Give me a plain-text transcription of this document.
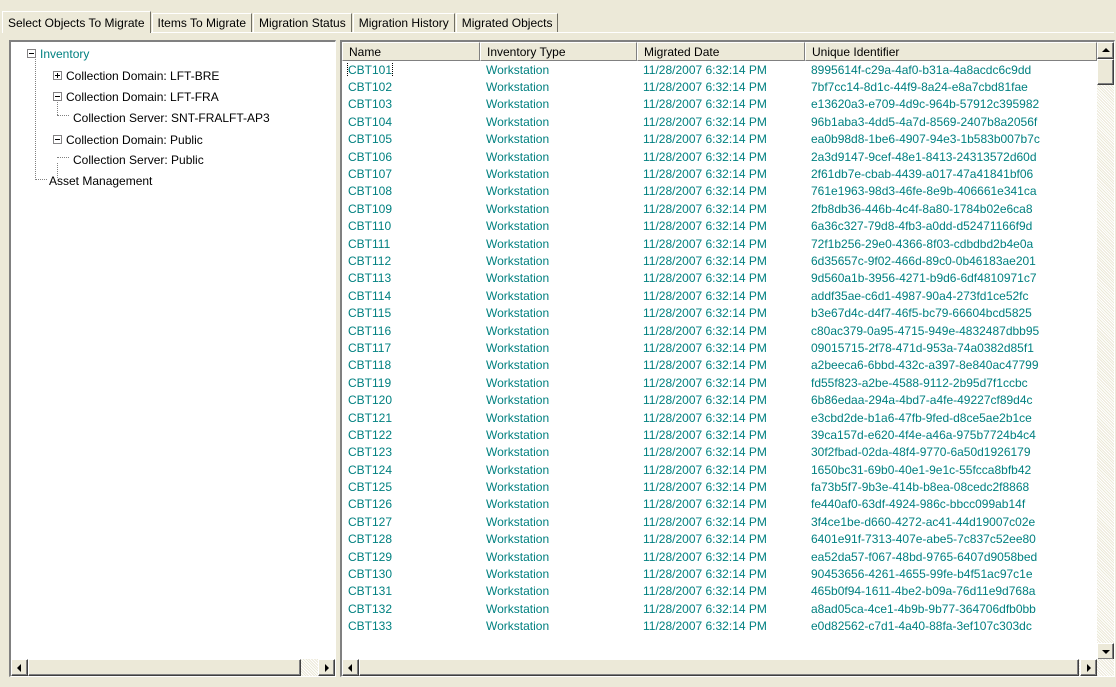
Select Objects To Migrate Items To Migrate Migration Status Migration History Migrated Objects
Inventory
Collection Domain: LFT-BRE
Collection Domain: LFT-FRA
Collection Server: SNT-FRALFT-AP3
Collection Domain: Public
Collection Server: Public
Asset Management
Name	Inventory Type	Migrated Date	Unique Identifier
CBT101	Workstation	11/28/2007 6:32:14 PM	8995614f-c29a-4af0-b31a-4a8acdc6c9dd
CBT102	Workstation	11/28/2007 6:32:14 PM	7bf7cc14-8d1c-44f9-8a24-e8a7cbd81fae
CBT103	Workstation	11/28/2007 6:32:14 PM	e13620a3-e709-4d9c-964b-57912c395982
CBT104	Workstation	11/28/2007 6:32:14 PM	96b1aba3-4dd5-4a7d-8569-2407b8a2056f
CBT105	Workstation	11/28/2007 6:32:14 PM	ea0b98d8-1be6-4907-94e3-1b583b007b7c
CBT106	Workstation	11/28/2007 6:32:14 PM	2a3d9147-9cef-48e1-8413-24313572d60d
CBT107	Workstation	11/28/2007 6:32:14 PM	2f61db7e-cbab-4439-a017-47a41841bf06
CBT108	Workstation	11/28/2007 6:32:14 PM	761e1963-98d3-46fe-8e9b-406661e341ca
CBT109	Workstation	11/28/2007 6:32:14 PM	2fb8db36-446b-4c4f-8a80-1784b02e6ca8
CBT110	Workstation	11/28/2007 6:32:14 PM	6a36c327-79d8-4fb3-a0dd-d52471166f9d
CBT111	Workstation	11/28/2007 6:32:14 PM	72f1b256-29e0-4366-8f03-cdbdbd2b4e0a
CBT112	Workstation	11/28/2007 6:32:14 PM	6d35657c-9f02-466d-89c0-0b46183ae201
CBT113	Workstation	11/28/2007 6:32:14 PM	9d560a1b-3956-4271-b9d6-6df4810971c7
CBT114	Workstation	11/28/2007 6:32:14 PM	addf35ae-c6d1-4987-90a4-273fd1ce52fc
CBT115	Workstation	11/28/2007 6:32:14 PM	b3e67d4c-d4f7-46f5-bc79-66604bcd5825
CBT116	Workstation	11/28/2007 6:32:14 PM	c80ac379-0a95-4715-949e-4832487dbb95
CBT117	Workstation	11/28/2007 6:32:14 PM	09015715-2f78-471d-953a-74a0382d85f1
CBT118	Workstation	11/28/2007 6:32:14 PM	a2beeca6-6bbd-432c-a397-8e840ac47799
CBT119	Workstation	11/28/2007 6:32:14 PM	fd55f823-a2be-4588-9112-2b95d7f1ccbc
CBT120	Workstation	11/28/2007 6:32:14 PM	6b86edaa-294a-4bd7-a4fe-49227cf89d4c
CBT121	Workstation	11/28/2007 6:32:14 PM	e3cbd2de-b1a6-47fb-9fed-d8ce5ae2b1ce
CBT122	Workstation	11/28/2007 6:32:14 PM	39ca157d-e620-4f4e-a46a-975b7724b4c4
CBT123	Workstation	11/28/2007 6:32:14 PM	30f2fbad-02da-48f4-9770-6a50d1926179
CBT124	Workstation	11/28/2007 6:32:14 PM	1650bc31-69b0-40e1-9e1c-55fcca8bfb42
CBT125	Workstation	11/28/2007 6:32:14 PM	fa73b5f7-9b3e-414b-b8ea-08cedc2f8868
CBT126	Workstation	11/28/2007 6:32:14 PM	fe440af0-63df-4924-986c-bbcc099ab14f
CBT127	Workstation	11/28/2007 6:32:14 PM	3f4ce1be-d660-4272-ac41-44d19007c02e
CBT128	Workstation	11/28/2007 6:32:14 PM	6401e91f-7313-407e-abe5-7c837c52ee80
CBT129	Workstation	11/28/2007 6:32:14 PM	ea52da57-f067-48bd-9765-6407d9058bed
CBT130	Workstation	11/28/2007 6:32:14 PM	90453656-4261-4655-99fe-b4f51ac97c1e
CBT131	Workstation	11/28/2007 6:32:14 PM	465b0f94-1611-4be2-b09a-76d11e9d768a
CBT132	Workstation	11/28/2007 6:32:14 PM	a8ad05ca-4ce1-4b9b-9b77-364706dfb0bb
CBT133	Workstation	11/28/2007 6:32:14 PM	e0d82562-c7d1-4a40-88fa-3ef107c303dc
